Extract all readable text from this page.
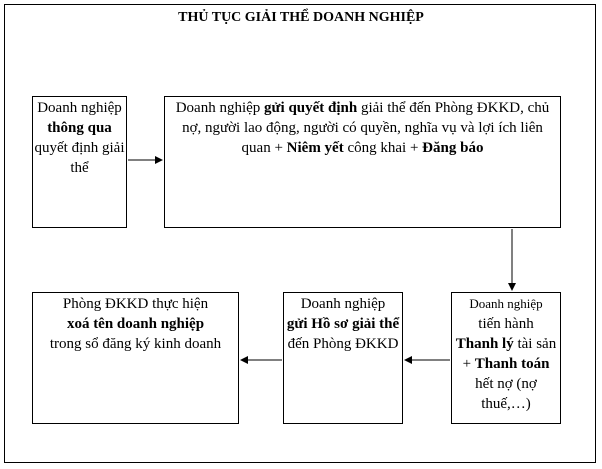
THỦ TỤC GIẢI THỂ DOANH NGHIỆP
Doanh nghiệp
thông qua
quyết định giải thể

Doanh nghiệp gửi quyết định giải thể đến Phòng ĐKKD, chủ nợ, người lao động, người có quyền, nghĩa vụ và lợi ích liên quan + Niêm yết công khai + Đăng báo

Doanh nghiệp
tiến hành
Thanh lý tài sản + Thanh toán hết nợ (nợ thuế,…)
Doanh nghiệp
gửi Hồ sơ giải thể đến Phòng ĐKKD
Phòng ĐKKD thực hiện
xoá tên doanh nghiệp
trong sổ đăng ký kinh doanh
